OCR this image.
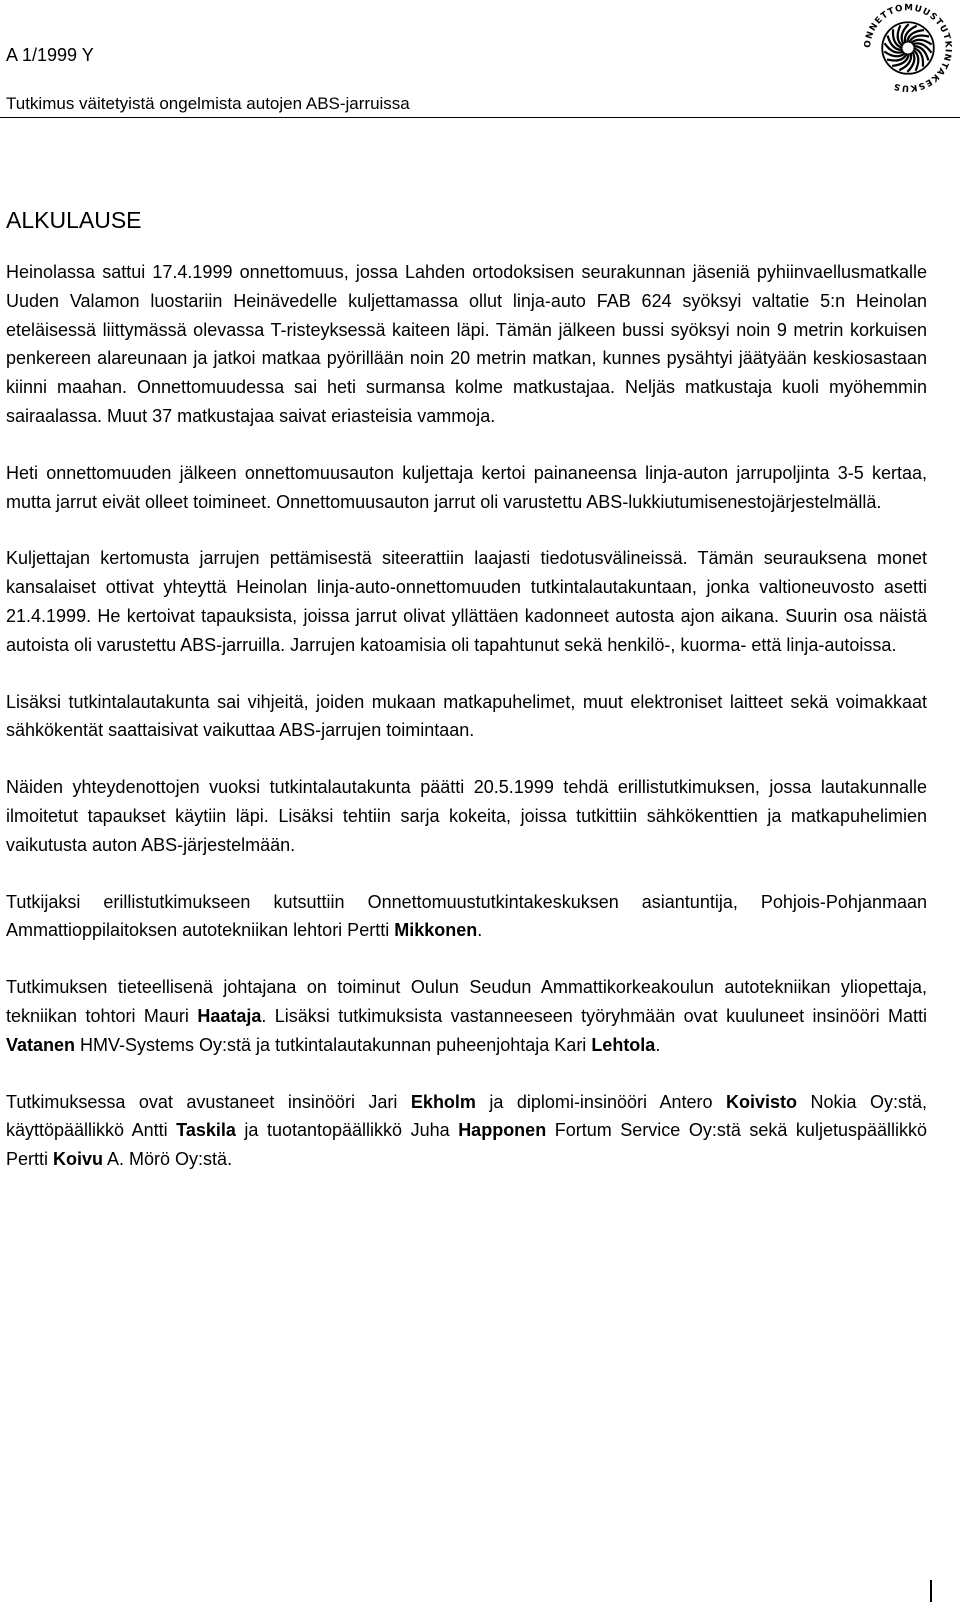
A 1/1999 Y
Tutkimus väitetyistä ongelmista autojen ABS-jarruissa
ONNETTOMUUSTUTKINTAKESKUS
ALKULAUSE

Heinolassa sattui 17.4.1999 onnettomuus, jossa Lahden ortodoksisen seurakunnan jäseniä pyhiinvaellusmatkalle Uuden Valamon luostariin Heinävedelle kuljettamassa ollut linja-auto FAB 624 syöksyi valtatie 5:n Heinolan eteläisessä liittymässä olevassa T-risteyksessä kaiteen läpi. Tämän jälkeen bussi syöksyi noin 9 metrin korkuisen penkereen alareunaan ja jatkoi matkaa pyörillään noin 20 metrin matkan, kunnes pysähtyi jäätyään keskiosastaan kiinni maahan. Onnettomuudessa sai heti surmansa kolme matkustajaa. Neljäs matkustaja kuoli myöhemmin sairaalassa. Muut 37 matkustajaa saivat eriasteisia vammoja.

Heti onnettomuuden jälkeen onnettomuusauton kuljettaja kertoi painaneensa linja-auton jarrupoljinta 3-5 kertaa, mutta jarrut eivät olleet toimineet. Onnettomuusauton jarrut oli varustettu ABS-lukkiutumisenestojärjestelmällä.

Kuljettajan kertomusta jarrujen pettämisestä siteerattiin laajasti tiedotusvälineissä. Tämän seurauksena monet kansalaiset ottivat yhteyttä Heinolan linja-auto-onnettomuuden tutkintalautakuntaan, jonka valtioneuvosto asetti 21.4.1999. He kertoivat tapauksista, joissa jarrut olivat yllättäen kadonneet autosta ajon aikana. Suurin osa näistä autoista oli varustettu ABS-jarruilla. Jarrujen katoamisia oli tapahtunut sekä henkilö-, kuorma- että linja-autoissa.

Lisäksi tutkintalautakunta sai vihjeitä, joiden mukaan matkapuhelimet, muut elektroniset laitteet sekä voimakkaat sähkökentät saattaisivat vaikuttaa ABS-jarrujen toimintaan.

Näiden yhteydenottojen vuoksi tutkintalautakunta päätti 20.5.1999 tehdä erillistutkimuksen, jossa lautakunnalle ilmoitetut tapaukset käytiin läpi. Lisäksi tehtiin sarja kokeita, joissa tutkittiin sähkökenttien ja matkapuhelimien vaikutusta auton ABS-järjestelmään.

Tutkijaksi erillistutkimukseen kutsuttiin Onnettomuustutkintakeskuksen asiantuntija, Pohjois-Pohjanmaan Ammattioppilaitoksen autotekniikan lehtori Pertti Mikkonen.

Tutkimuksen tieteellisenä johtajana on toiminut Oulun Seudun Ammattikorkeakoulun autotekniikan yliopettaja, tekniikan tohtori Mauri Haataja. Lisäksi tutkimuksista vastanneeseen työryhmään ovat kuuluneet insinööri Matti Vatanen HMV-Systems Oy:stä ja tutkintalautakunnan puheenjohtaja Kari Lehtola.

Tutkimuksessa ovat avustaneet insinööri Jari Ekholm ja diplomi-insinööri Antero Koivisto Nokia Oy:stä, käyttöpäällikkö Antti Taskila ja tuotantopäällikkö Juha Happonen Fortum Service Oy:stä sekä kuljetuspäällikkö Pertti Koivu A. Mörö Oy:stä.
